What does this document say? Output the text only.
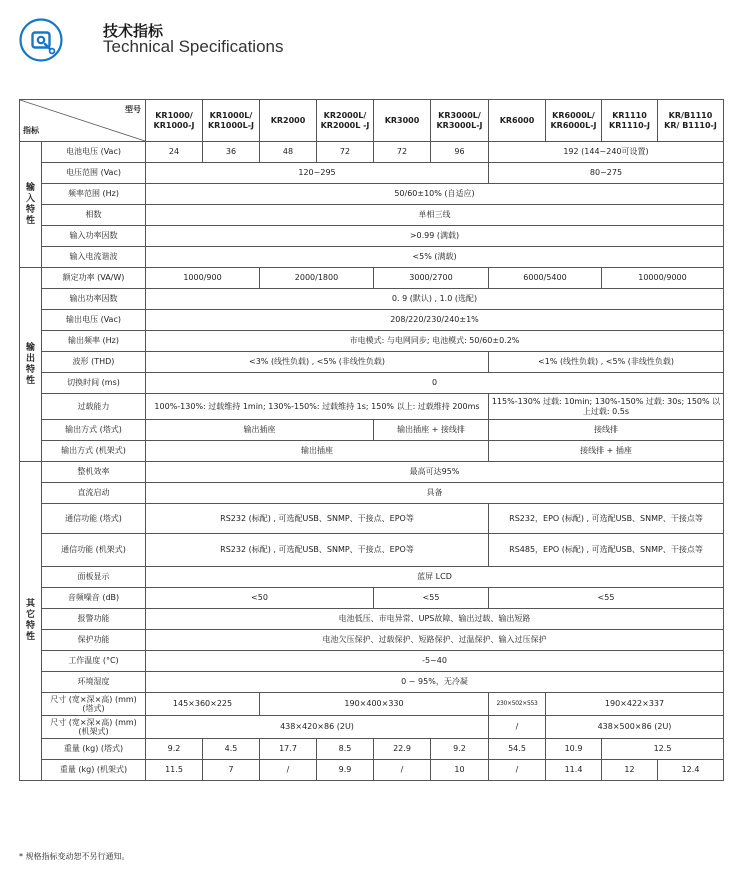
技术指标
Technical Specifications
型号
指标		KR1000/ KR1000-J	KR1000L/ KR1000L-J	KR2000	KR2000L/ KR2000L -J	KR3000	KR3000L/ KR3000L-J	KR6000	KR6000L/ KR6000L-J	KR1110 KR1110-J	KR/B1110 KR/ B1110-J

输
入
特
性	电池电压 (Vac)	24	36	48	72	72	96	192 (144~240可设置)			
	电压范围 (Vac)	120~295						80~275			
	频率范围 (Hz)	50/60±10% (自适应)									
	相数	单相三线									
	输入功率因数	>0.99 (满载)									
	输入电流谐波	<5% (满载)									

输
出
特
性	额定功率 (VA/W)	1000/900		2000/1800		3000/2700		6000/5400		10000/9000	
	输出功率因数	0. 9 (默认) , 1.0 (选配)									
	输出电压 (Vac)	208/220/230/240±1%									
	输出频率 (Hz)	市电模式: 与电网同步; 电池模式: 50/60±0.2%									
	波形 (THD)	<3% (线性负载) , <5% (非线性负载)						<1% (线性负载) , <5% (非线性负载)			
	切换时间 (ms)	0									
	过载能力	100%-130%: 过载维持 1min; 130%-150%: 过载维持 1s; 150% 以上: 过载维持 200ms						115%-130% 过载: 10min; 130%-150% 过载: 30s; 150% 以上过载: 0.5s			
	输出方式 (塔式)	输出插座				输出插座 + 接线排		接线排			
	输出方式 (机架式)	输出插座						接线排 + 插座			

其
它
特
性	整机效率	最高可达95%									
	直流启动	具备									
	通信功能 (塔式)	RS232 (标配) , 可选配USB、SNMP、干接点、EPO等						RS232，EPO (标配) , 可选配USB、SNMP、干接点等			
	通信功能 (机架式)	RS232 (标配) , 可选配USB、SNMP、干接点、EPO等						RS485，EPO (标配) , 可选配USB、SNMP、干接点等			
	面板显示	蓝屏 LCD									
	音频噪音 (dB)	<50				<55		<55			
	报警功能	电池低压、市电异常、UPS故障、输出过载、输出短路									
	保护功能	电池欠压保护、过载保护、短路保护、过温保护、输入过压保护									
	工作温度 (°C)	-5~40									
	环境湿度	0 ~ 95%，无冷凝									
	尺寸 (宽×深×高) (mm) (塔式)	145×360×225		190×400×330				230×502×553	190×422×337		
	尺寸 (宽×深×高) (mm) (机架式)	438×420×86 (2U)						/	438×500×86 (2U)		
	重量 (kg) (塔式)	9.2	4.5	17.7	8.5	22.9	9.2	54.5	10.9	12.5	
	重量 (kg) (机架式)	11.5	7	/	9.9	/	10	/	11.4	12	12.4
* 规格指标变动恕不另行通知。
